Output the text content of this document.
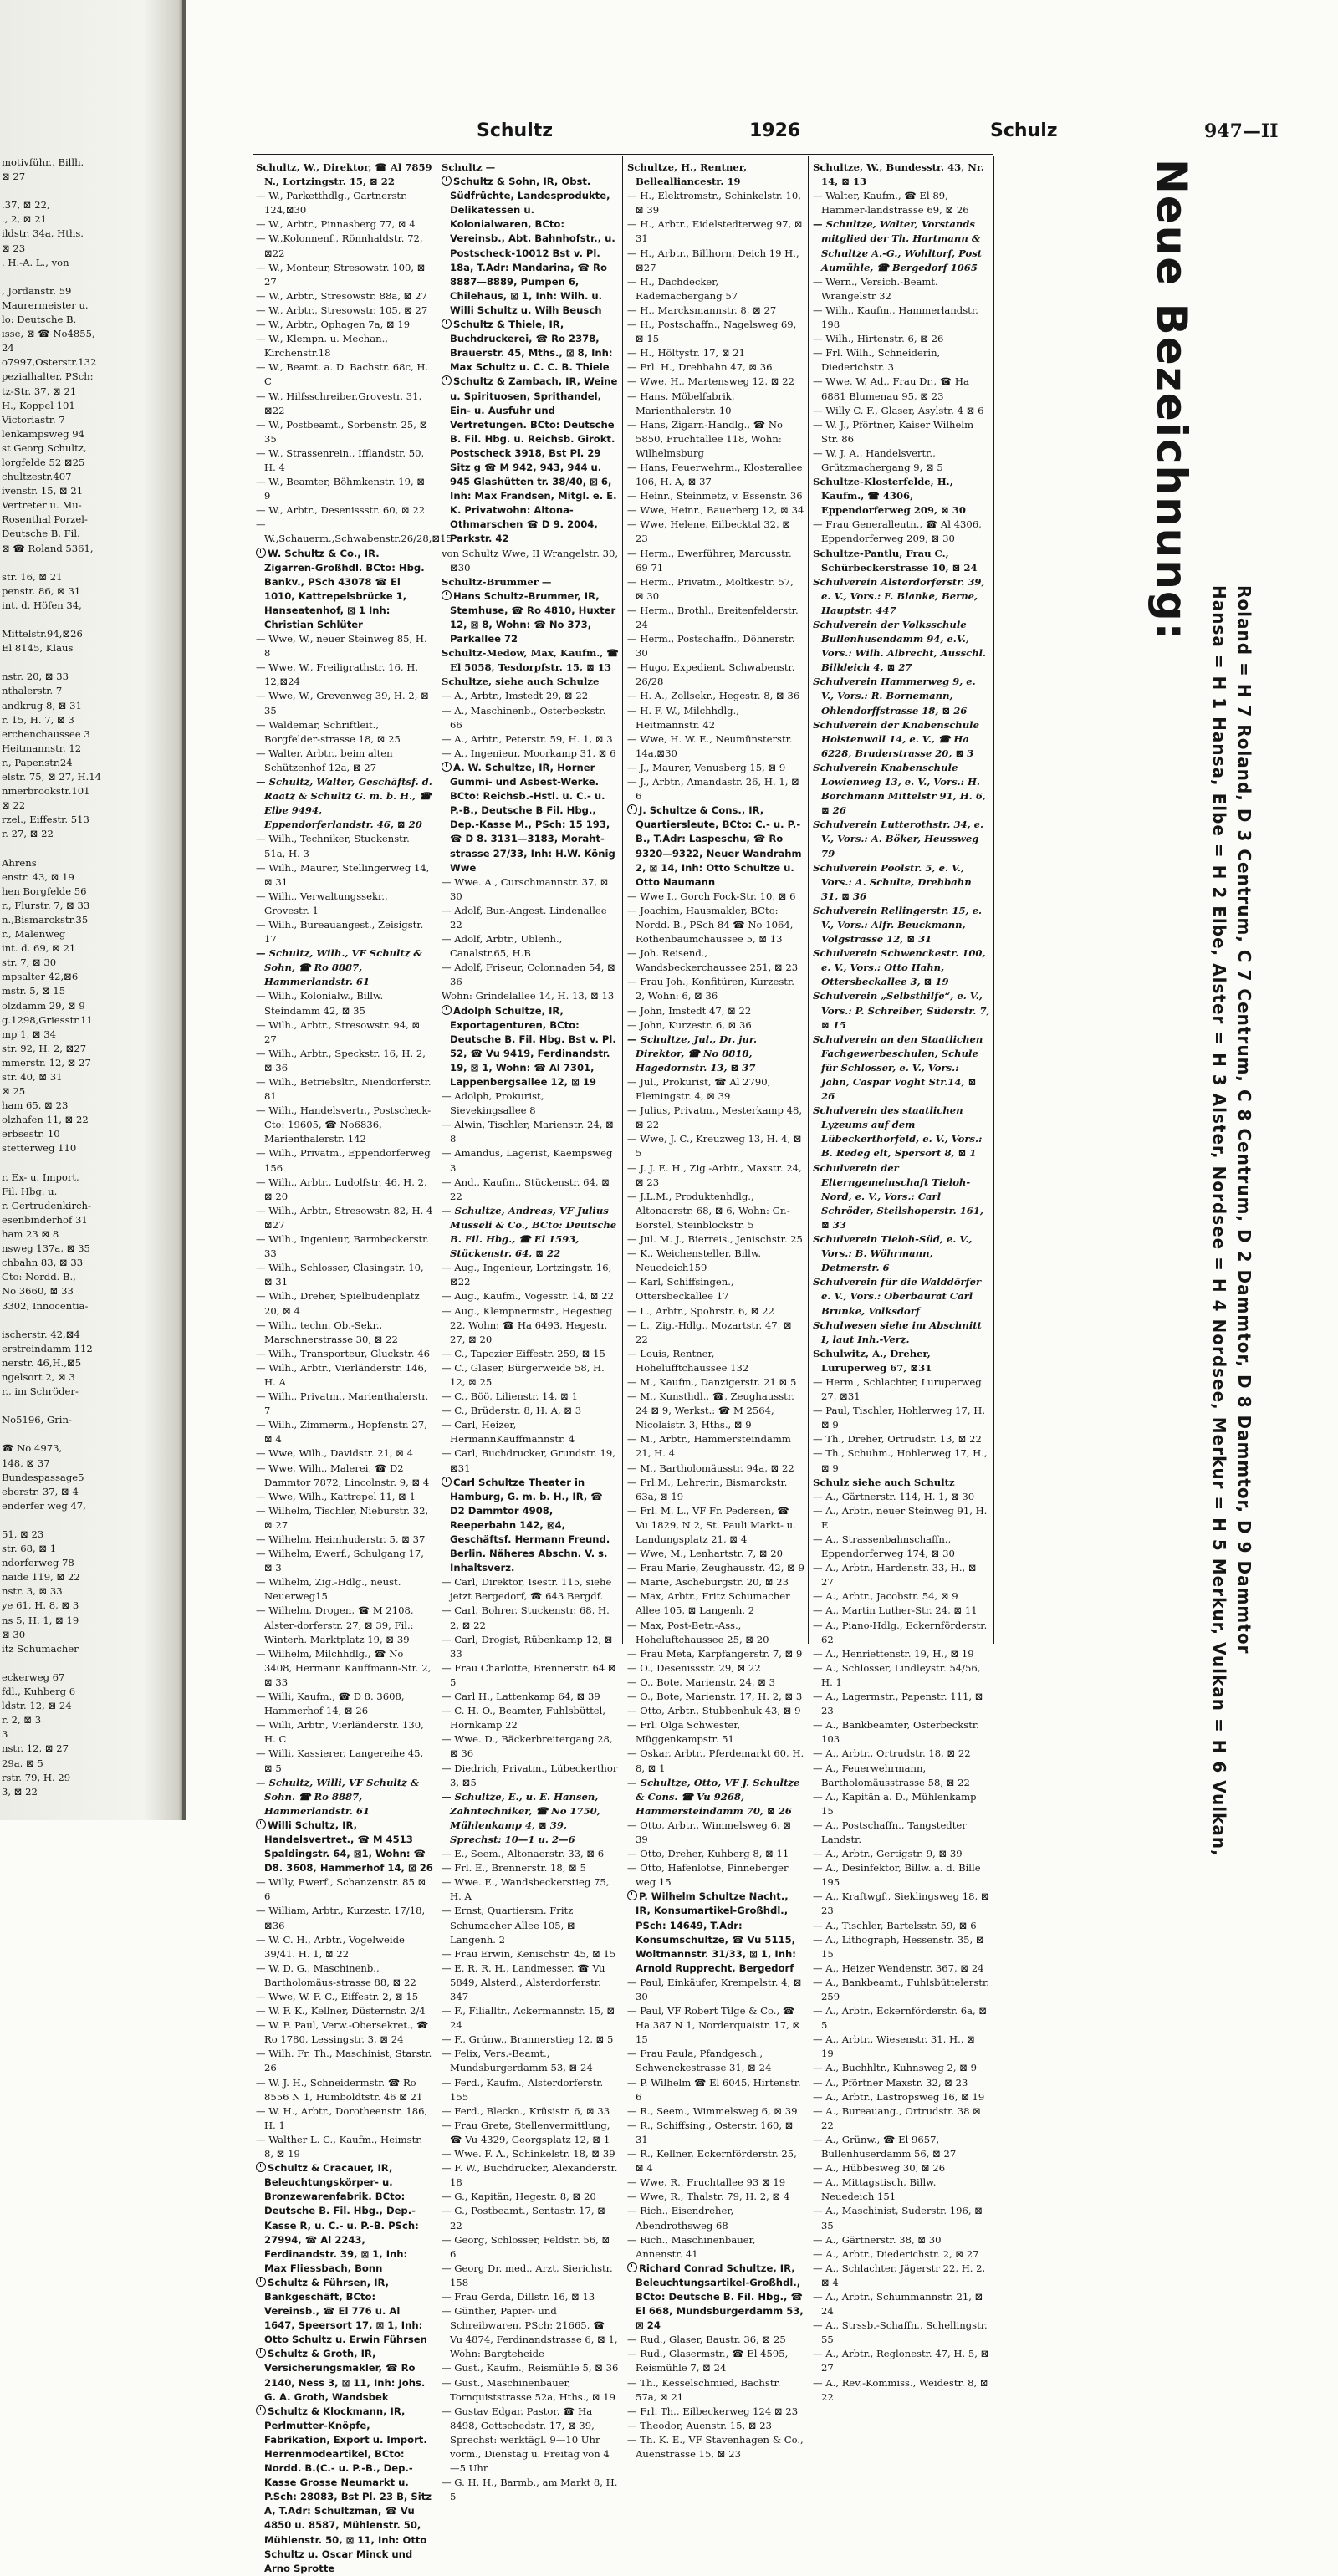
motivführ., Billh.
⊠ 27

.37, ⊠ 22,
., 2, ⊠ 21
ildstr. 34a, Hths.
⊠ 23
. H.-A. L., von

, Jordanstr. 59
Maurermeister u.
lo: Deutsche B.
ısse, ⊠ ☎ No4855,
24
o7997,Osterstr.132
pezialhalter, PSch:
tz-Str. 37, ⊠ 21
H., Koppel 101
Victoriastr. 7
lenkampsweg 94
st Georg Schultz,
lorgfelde 52 ⊠25
chultzestr.407
ivenstr. 15, ⊠ 21
Vertreter u. Mu-
Rosenthal Porzel-
Deutsche B. Fil.
⊠ ☎ Roland 5361,

str. 16, ⊠ 21
penstr. 86, ⊠ 31
int. d. Höfen 34,

Mittelstr.94,⊠26
El 8145, Klaus

nstr. 20, ⊠ 33
nthalerstr. 7
andkrug 8, ⊠ 31
r. 15, H. 7, ⊠ 3
erchenchaussee 3
Heitmannstr. 12
r., Papenstr.24
elstr. 75, ⊠ 27, H.14
nmerbrookstr.101
⊠ 22
rzel., Eiffestr. 513
r. 27, ⊠ 22

Ahrens
enstr. 43, ⊠ 19
hen Borgfelde 56
r., Flurstr. 7, ⊠ 33
n.,Bismarckstr.35
r., Malenweg
int. d. 69, ⊠ 21
str. 7, ⊠ 30
mpsalter 42,⊠6
mstr. 5, ⊠ 15
olzdamm 29, ⊠ 9
g.1298,Griesstr.11
mp 1, ⊠ 34
str. 92, H. 2, ⊠27
mmerstr. 12, ⊠ 27
str. 40, ⊠ 31
⊠ 25
ham 65, ⊠ 23
olzhafen 11, ⊠ 22
erbsestr. 10
stetterweg 110

r. Ex- u. Import,
Fil. Hbg. u.
r. Gertrudenkirch-
esenbinderhof 31
ham 23 ⊠ 8
nsweg 137a, ⊠ 35
chbahn 83, ⊠ 33
Cto: Nordd. B.,
No 3660, ⊠ 33
3302, Innocentia-

ischerstr. 42,⊠4
erstreindamm 112
nerstr. 46,H.,⊠5
ngelsort 2, ⊠ 3
r., im Schröder-

No5196, Grin-

☎ No 4973,
148, ⊠ 37
Bundespassage5
eberstr. 37, ⊠ 4
enderfer weg 47,

51, ⊠ 23
str. 68, ⊠ 1
ndorferweg 78
naide 119, ⊠ 22
nstr. 3, ⊠ 33
ye 61, H. 8, ⊠ 3
ns 5, H. 1, ⊠ 19
⊠ 30
itz Schumacher

eckerweg 67
fdl., Kuhberg 6
ldstr. 12, ⊠ 24
r. 2, ⊠ 3
3
nstr. 12, ⊠ 27
29a, ⊠ 5
rstr. 79, H. 29
3, ⊠ 22
Schultz	1926	Schulz	947—II
Schultz, W., Direktor, ☎ Al 7859 N., Lortzingstr. 15, ⊠ 22
— W., Parketthdlg., Gartnerstr. 124,⊠30
— W., Arbtr., Pinnasberg 77, ⊠ 4
— W.,Kolonnenf., Rönnhaldstr. 72, ⊠22
— W., Monteur, Stresowstr. 100, ⊠ 27
— W., Arbtr., Stresowstr. 88a, ⊠ 27
— W., Arbtr., Stresowstr. 105, ⊠ 27
— W., Arbtr., Ophagen 7a, ⊠ 19
— W., Klempn. u. Mechan., Kirchenstr.18
— W., Beamt. a. D. Bachstr. 68c, H. C
— W., Hilfsschreiber,Grovestr. 31, ⊠22
— W., Postbeamt., Sorbenstr. 25, ⊠ 35
— W., Strassenrein., Ifflandstr. 50, H. 4
— W., Beamter, Böhmkenstr. 19, ⊠ 9
— W., Arbtr., Desenissstr. 60, ⊠ 22
— W.,Schauerm.,Schwabenstr.26/28,⊠15
W. Schultz & Co., IR. Zigarren-Großhdl. BCto: Hbg. Bankv., PSch 43078 ☎ El 1010, Kattrepelsbrücke 1, Hanseatenhof, ⊠ 1 Inh: Christian Schlüter
— Wwe, W., neuer Steinweg 85, H. 8
— Wwe, W., Freiligrathstr. 16, H. 12,⊠24
— Wwe, W., Grevenweg 39, H. 2, ⊠ 35
— Waldemar, Schriftleit., Borgfelder-strasse 18, ⊠ 25
— Walter, Arbtr., beim alten Schützenhof 12a, ⊠ 27
— Schultz, Walter, Geschäftsf. d. Raatz & Schultz G. m. b. H., ☎ Elbe 9494, Eppendorferlandstr. 46, ⊠ 20
— Wilh., Techniker, Stuckenstr. 51a, H. 3
— Wilh., Maurer, Stellingerweg 14, ⊠ 31
— Wilh., Verwaltungssekr., Grovestr. 1
— Wilh., Bureauangest., Zeisigstr. 17
— Schultz, Wilh., VF Schultz & Sohn, ☎ Ro 8887, Hammerlandstr. 61
— Wilh., Kolonialw., Billw. Steindamm 42, ⊠ 35
— Wilh., Arbtr., Stresowstr. 94, ⊠ 27
— Wilh., Arbtr., Speckstr. 16, H. 2, ⊠ 36
— Wilh., Betriebsltr., Niendorferstr. 81
— Wilh., Handelsvertr., Postscheck-Cto: 19605, ☎ No6836, Marienthalerstr. 142
— Wilh., Privatm., Eppendorferweg 156
— Wilh., Arbtr., Ludolfstr. 46, H. 2, ⊠ 20
— Wilh., Arbtr., Stresowstr. 82, H. 4 ⊠27
— Wilh., Ingenieur, Barmbeckerstr. 33
— Wilh., Schlosser, Clasingstr. 10, ⊠ 31
— Wilh., Dreher, Spielbudenplatz 20, ⊠ 4
— Wilh., techn. Ob.-Sekr., Marschnerstrasse 30, ⊠ 22
— Wilh., Transporteur, Gluckstr. 46
— Wilh., Arbtr., Vierländerstr. 146, H. A
— Wilh., Privatm., Marienthalerstr. 7
— Wilh., Zimmerm., Hopfenstr. 27, ⊠ 4
— Wwe, Wilh., Davidstr. 21, ⊠ 4
— Wwe, Wilh., Malerei, ☎ D2 Dammtor 7872, Lincolnstr. 9, ⊠ 4
— Wwe, Wilh., Kattrepel 11, ⊠ 1
— Wilhelm, Tischler, Nieburstr. 32, ⊠ 27
— Wilhelm, Heimhuderstr. 5, ⊠ 37
— Wilhelm, Ewerf., Schulgang 17, ⊠ 3
— Wilhelm, Zig.-Hdlg., neust. Neuerweg15
— Wilhelm, Drogen, ☎ M 2108, Alster-dorferstr. 27, ⊠ 39, Fil.: Winterh. Marktplatz 19, ⊠ 39
— Wilhelm, Milchhdlg., ☎ No 3408, Hermann Kauffmann-Str. 2, ⊠ 33
— Willi, Kaufm., ☎ D 8. 3608, Hammerhof 14, ⊠ 26
— Willi, Arbtr., Vierländerstr. 130, H. C
— Willi, Kassierer, Langereihe 45, ⊠ 5
— Schultz, Willi, VF Schultz & Sohn. ☎ Ro 8887, Hammerlandstr. 61
Willi Schultz, IR, Handelsvertret., ☎ M 4513 Spaldingstr. 64, ⊠1, Wohn: ☎ D8. 3608, Hammerhof 14, ⊠ 26
— Willy, Ewerf., Schanzenstr. 85 ⊠ 6
— William, Arbtr., Kurzestr. 17/18, ⊠36
— W. C. H., Arbtr., Vogelweide 39/41. H. 1, ⊠ 22
— W. D. G., Maschinenb., Bartholomäus-strasse 88, ⊠ 22
— Wwe, W. F. C., Eiffestr. 2, ⊠ 15
— W. F. K., Kellner, Düsternstr. 2/4
— W. F. Paul, Verw.-Obersekret., ☎ Ro 1780, Lessingstr. 3, ⊠ 24
— Wilh. Fr. Th., Maschinist, Starstr. 26
— W. J. H., Schneidermstr. ☎ Ro 8556 N 1, Humboldtstr. 46 ⊠ 21
— W. H., Arbtr., Dorotheenstr. 186, H. 1
— Walther L. C., Kaufm., Heimstr. 8, ⊠ 19
Schultz & Cracauer, IR, Beleuchtungskörper- u. Bronzewarenfabrik. BCto: Deutsche B. Fil. Hbg., Dep.-Kasse R, u. C.- u. P.-B. PSch: 27994, ☎ Al 2243, Ferdinandstr. 39, ⊠ 1, Inh: Max Fliessbach, Bonn
Schultz & Führsen, IR, Bankgeschäft, BCto: Vereinsb., ☎ El 776 u. Al 1647, Speersort 17, ⊠ 1, Inh: Otto Schultz u. Erwin Führsen
Schultz & Groth, IR, Versicherungsmakler, ☎ Ro 2140, Ness 3, ⊠ 11, Inh: Johs. G. A. Groth, Wandsbek
Schultz & Klockmann, IR, Perlmutter-Knöpfe, Fabrikation, Export u. Import. Herrenmodeartikel, BCto: Nordd. B.(C.- u. P.-B., Dep.-Kasse Grosse Neumarkt u. P.Sch: 28083, Bst Pl. 23 B, Sitz A, T.Adr: Schultzman, ☎ Vu 4850 u. 8587, Mühlenstr. 50, Mühlenstr. 50, ⊠ 11, Inh: Otto Schultz u. Oscar Minck und Arno Sprotte
Schultz —
Schultz & Sohn, IR, Obst. Südfrüchte, Landesprodukte, Delikatessen u. Kolonialwaren, BCto: Vereinsb., Abt. Bahnhofstr., u. Postscheck-10012 Bst v. Pl. 18a, T.Adr: Mandarina, ☎ Ro 8887—8889, Pumpen 6, Chilehaus, ⊠ 1, Inh: Wilh. u. Willi Schultz u. Wilh Beusch
Schultz & Thiele, IR, Buchdruckerei, ☎ Ro 2378, Brauerstr. 45, Mths., ⊠ 8, Inh: Max Schultz u. C. C. B. Thiele
Schultz & Zambach, IR, Weine u. Spirituosen, Sprithandel, Ein- u. Ausfuhr und Vertretungen. BCto: Deutsche B. Fil. Hbg. u. Reichsb. Girokt. Postscheck 3918, Bst Pl. 29 Sitz g ☎ M 942, 943, 944 u. 945 Glashütten tr. 38/40, ⊠ 6, Inh: Max Frandsen, Mitgl. e. E. K. Privatwohn: Altona-Othmarschen ☎ D 9. 2004, Parkstr. 42
von Schultz Wwe, II Wrangelstr. 30, ⊠30
Schultz-Brummer —
Hans Schultz-Brummer, IR, Stemhuse, ☎ Ro 4810, Huxter 12, ⊠ 8, Wohn: ☎ No 373, Parkallee 72
Schultz-Medow, Max, Kaufm., ☎ El 5058, Tesdorpfstr. 15, ⊠ 13
Schultze, siehe auch Schulze
— A., Arbtr., Imstedt 29, ⊠ 22
— A., Maschinenb., Osterbeckstr. 66
— A., Arbtr., Peterstr. 59, H. 1, ⊠ 3
— A., Ingenieur, Moorkamp 31, ⊠ 6
A. W. Schultze, IR, Horner Gummi- und Asbest-Werke. BCto: Reichsb.-Hstl. u. C.- u. P.-B., Deutsche B Fil. Hbg., Dep.-Kasse M., PSch: 15 193, ☎ D 8. 3131—3183, Moraht-strasse 27/33, Inh: H.W. König Wwe
— Wwe. A., Curschmannstr. 37, ⊠ 30
— Adolf, Bur.-Angest. Lindenallee 22
— Adolf, Arbtr., Ublenh., Canalstr.65, H.B
— Adolf, Friseur, Colonnaden 54, ⊠ 36
Wohn: Grindelallee 14, H. 13, ⊠ 13
Adolph Schultze, IR, Exportagenturen, BCto: Deutsche B. Fil. Hbg. Bst v. Pl. 52, ☎ Vu 9419, Ferdinandstr. 19, ⊠ 1, Wohn: ☎ Al 7301, Lappenbergsallee 12, ⊠ 19
— Adolph, Prokurist, Sievekingsallee 8
— Alwin, Tischler, Marienstr. 24, ⊠ 8
— Amandus, Lagerist, Kaempsweg 3
— And., Kaufm., Stückenstr. 64, ⊠ 22
— Schultze, Andreas, VF Julius Musseli & Co., BCto: Deutsche B. Fil. Hbg., ☎ El 1593, Stückenstr. 64, ⊠ 22
— Aug., Ingenieur, Lortzingstr. 16, ⊠22
— Aug., Kaufm., Vogesstr. 14, ⊠ 22
— Aug., Klempnermstr., Hegestieg 22, Wohn: ☎ Ha 6493, Hegestr. 27, ⊠ 20
— C., Tapezier Eiffestr. 259, ⊠ 15
— C., Glaser, Bürgerweide 58, H. 12, ⊠ 25
— C., Böö, Lilienstr. 14, ⊠ 1
— C., Brüderstr. 8, H. A, ⊠ 3
— Carl, Heizer, HermannKauffmannstr. 4
— Carl, Buchdrucker, Grundstr. 19, ⊠31
Carl Schultze Theater in Hamburg, G. m. b. H., IR, ☎ D2 Dammtor 4908, Reeperbahn 142, ⊠4, Geschäftsf. Hermann Freund. Berlin. Näheres Abschn. V. s. Inhaltsverz.
— Carl, Direktor, Isestr. 115, siehe jetzt Bergedorf, ☎ 643 Bergdf.
— Carl, Bohrer, Stuckenstr. 68, H. 2, ⊠ 22
— Carl, Drogist, Rübenkamp 12, ⊠ 33
— Frau Charlotte, Brennerstr. 64 ⊠ 5
— Carl H., Lattenkamp 64, ⊠ 39
— C. H. O., Beamter, Fuhlsbüttel, Hornkamp 22
— Wwe. D., Bäckerbreitergang 28, ⊠ 36
— Diedrich, Privatm., Lübeckerthor 3, ⊠5
— Schultze, E., u. E. Hansen, Zahntechniker, ☎ No 1750, Mühlenkamp 4, ⊠ 39, Sprechst: 10—1 u. 2—6
— E., Seem., Altonaerstr. 33, ⊠ 6
— Frl. E., Brennerstr. 18, ⊠ 5
— Wwe. E., Wandsbeckerstieg 75, H. A
— Ernst, Quartiersm. Fritz Schumacher Allee 105, ⊠ Langenh. 2
— Frau Erwin, Kenischstr. 45, ⊠ 15
— E. R. R. H., Landmesser, ☎ Vu 5849, Alsterd., Alsterdorferstr. 347
— F., Filialltr., Ackermannstr. 15, ⊠ 24
— F., Grünw., Brannerstieg 12, ⊠ 5
— Felix, Vers.-Beamt., Mundsburgerdamm 53, ⊠ 24
— Ferd., Kaufm., Alsterdorferstr. 155
— Ferd., Bleckn., Krüsistr. 6, ⊠ 33
— Frau Grete, Stellenvermittlung, ☎ Vu 4329, Georgsplatz 12, ⊠ 1
— Wwe. F. A., Schinkelstr. 18, ⊠ 39
— F. W., Buchdrucker, Alexanderstr. 18
— G., Kapitän, Hegestr. 8, ⊠ 20
— G., Postbeamt., Sentastr. 17, ⊠ 22
— Georg, Schlosser, Feldstr. 56, ⊠ 6
— Georg Dr. med., Arzt, Sierichstr. 158
— Frau Gerda, Dillstr. 16, ⊠ 13
— Günther, Papier- und Schreibwaren, PSch: 21665, ☎ Vu 4874, Ferdinandstrasse 6, ⊠ 1, Wohn: Bargteheide
— Gust., Kaufm., Reismühle 5, ⊠ 36
— Gust., Maschinenbauer, Tornquiststrasse 52a, Hths., ⊠ 19
— Gustav Edgar, Pastor, ☎ Ha 8498, Gottschedstr. 17, ⊠ 39, Sprechst: werktägl. 9—10 Uhr vorm., Dienstag u. Freitag von 4—5 Uhr
— G. H. H., Barmb., am Markt 8, H. 5
Schultze, H., Rentner, Bellealliancestr. 19
— H., Elektromstr., Schinkelstr. 10, ⊠ 39
— H., Arbtr., Eidelstedterweg 97, ⊠ 31
— H., Arbtr., Billhorn. Deich 19 H., ⊠27
— H., Dachdecker, Rademachergang 57
— H., Marcksmannstr. 8, ⊠ 27
— H., Postschaffn., Nagelsweg 69, ⊠ 15
— H., Höltystr. 17, ⊠ 21
— Frl. H., Drehbahn 47, ⊠ 36
— Wwe, H., Martensweg 12, ⊠ 22
— Hans, Möbelfabrik, Marienthalerstr. 10
— Hans, Zigarr.-Handlg., ☎ No 5850, Fruchtallee 118, Wohn: Wilhelmsburg
— Hans, Feuerwehrm., Klosterallee 106, H. A, ⊠ 37
— Heinr., Steinmetz, v. Essenstr. 36
— Wwe, Heinr., Bauerberg 12, ⊠ 34
— Wwe, Helene, Eilbecktal 32, ⊠ 23
— Herm., Ewerführer, Marcusstr. 69 71
— Herm., Privatm., Moltkestr. 57, ⊠ 30
— Herm., Brothl., Breitenfelderstr. 24
— Herm., Postschaffn., Döhnerstr. 30
— Hugo, Expedient, Schwabenstr. 26/28
— H. A., Zollsekr., Hegestr. 8, ⊠ 36
— H. F. W., Milchhdlg., Heitmannstr. 42
— Wwe, H. W. E., Neumünsterstr. 14a,⊠30
— J., Maurer, Venusberg 15, ⊠ 9
— J., Arbtr., Amandastr. 26, H. 1, ⊠ 6
J. Schultze & Cons., IR, Quartiersleute, BCto: C.- u. P.-B., T.Adr: Laspeschu, ☎ Ro 9320—9322, Neuer Wandrahm 2, ⊠ 14, Inh: Otto Schultze u. Otto Naumann
— Wwe I., Gorch Fock-Str. 10, ⊠ 6
— Joachim, Hausmakler, BCto: Nordd. B., PSch 84 ☎ No 1064, Rothenbaumchaussee 5, ⊠ 13
— Joh. Reisend., Wandsbeckerchaussee 251, ⊠ 23
— Frau Joh., Konfitüren, Kurzestr. 2, Wohn: 6, ⊠ 36
— John, Imstedt 47, ⊠ 22
— John, Kurzestr. 6, ⊠ 36
— Schultze, Jul., Dr. jur. Direktor, ☎ No 8818, Hagedornstr. 13, ⊠ 37
— Jul., Prokurist, ☎ Al 2790, Flemingstr. 4, ⊠ 39
— Julius, Privatm., Mesterkamp 48, ⊠ 22
— Wwe, J. C., Kreuzweg 13, H. 4, ⊠ 5
— J. J. E. H., Zig.-Arbtr., Maxstr. 24, ⊠ 23
— J.L.M., Produktenhdlg., Altonaerstr. 68, ⊠ 6, Wohn: Gr.-Borstel, Steinblockstr. 5
— Jul. M. J., Bierreis., Jenischstr. 25
— K., Weichensteller, Billw. Neuedeich159
— Karl, Schiffsingen., Ottersbeckallee 17
— L., Arbtr., Spohrstr. 6, ⊠ 22
— L., Zig.-Hdlg., Mozartstr. 47, ⊠ 22
— Louis, Rentner, Hohelufftchaussee 132
— M., Kaufm., Danzigerstr. 21 ⊠ 5
— M., Kunsthdl., ☎, Zeughausstr. 24 ⊠ 9, Werkst.: ☎ M 2564, Nicolaistr. 3, Hths., ⊠ 9
— M., Arbtr., Hammersteindamm 21, H. 4
— M., Bartholomäusstr. 94a, ⊠ 22
— Frl.M., Lehrerin, Bismarckstr. 63a, ⊠ 19
— Frl. M. L., VF Fr. Pedersen, ☎ Vu 1829, N 2, St. Pauli Markt- u. Landungsplatz 21, ⊠ 4
— Wwe, M., Lenhartstr. 7, ⊠ 20
— Frau Marie, Zeughausstr. 42, ⊠ 9
— Marie, Ascheburgstr. 20, ⊠ 23
— Max, Arbtr., Fritz Schumacher Allee 105, ⊠ Langenh. 2
— Max, Post-Betr.-Ass., Hoheluftchaussee 25, ⊠ 20
— Frau Meta, Karpfangerstr. 7, ⊠ 9
— O., Desenissstr. 29, ⊠ 22
— O., Bote, Marienstr. 24, ⊠ 3
— O., Bote, Marienstr. 17, H. 2, ⊠ 3
— Otto, Arbtr., Stubbenhuk 43, ⊠ 9
— Frl. Olga Schwester, Müggenkampstr. 51
— Oskar, Arbtr., Pferdemarkt 60, H. 8, ⊠ 1
— Schultze, Otto, VF J. Schultze & Cons. ☎ Vu 9268, Hammersteindamm 70, ⊠ 26
— Otto, Arbtr., Wimmelsweg 6, ⊠ 39
— Otto, Dreher, Kuhberg 8, ⊠ 11
— Otto, Hafenlotse, Pinneberger weg 15
P. Wilhelm Schultze Nacht., IR, Konsumartikel-Großhdl., PSch: 14649, T.Adr: Konsumschultze, ☎ Vu 5115, Woltmannstr. 31/33, ⊠ 1, Inh: Arnold Rupprecht, Bergedorf
— Paul, Einkäufer, Krempelstr. 4, ⊠ 30
— Paul, VF Robert Tilge & Co., ☎ Ha 387 N 1, Norderquaistr. 17, ⊠ 15
— Frau Paula, Pfandgesch., Schwenckestrasse 31, ⊠ 24
— P. Wilhelm ☎ El 6045, Hirtenstr. 6
— R., Seem., Wimmelsweg 6, ⊠ 39
— R., Schiffsing., Osterstr. 160, ⊠ 31
— R., Kellner, Eckernförderstr. 25, ⊠ 4
— Wwe, R., Fruchtallee 93 ⊠ 19
— Wwe, R., Thalstr. 79, H. 2, ⊠ 4
— Rich., Eisendreher, Abendrothsweg 68
— Rich., Maschinenbauer, Annenstr. 41
Richard Conrad Schultze, IR, Beleuchtungsartikel-Großhdl., BCto: Deutsche B. Fil. Hbg., ☎ El 668, Mundsburgerdamm 53, ⊠ 24
— Rud., Glaser, Baustr. 36, ⊠ 25
— Rud., Glasermstr., ☎ El 4595, Reismühle 7, ⊠ 24
— Th., Kesselschmied, Bachstr. 57a, ⊠ 21
— Frl. Th., Eilbeckerweg 124 ⊠ 23
— Theodor, Auenstr. 15, ⊠ 23
— Th. K. E., VF Stavenhagen & Co., Auenstrasse 15, ⊠ 23
Schultze, W., Bundesstr. 43, Nr. 14, ⊠ 13
— Walter, Kaufm., ☎ El 89, Hammer-landstrasse 69, ⊠ 26
— Schultze, Walter, Vorstands mitglied der Th. Hartmann & Schultze A.-G., Wohltorf, Post Aumühle, ☎ Bergedorf 1065
— Wern., Versich.-Beamt. Wrangelstr 32
— Wilh., Kaufm., Hammerlandstr. 198
— Wilh., Hirtenstr. 6, ⊠ 26
— Frl. Wilh., Schneiderin, Diederichstr. 3
— Wwe. W. Ad., Frau Dr., ☎ Ha 6881 Blumenau 95, ⊠ 23
— Willy C. F., Glaser, Asylstr. 4 ⊠ 6
— W. J., Pförtner, Kaiser Wilhelm Str. 86
— W. J. A., Handelsvertr., Grützmachergang 9, ⊠ 5
Schultze-Klosterfelde, H., Kaufm., ☎ 4306, Eppendorferweg 209, ⊠ 30
— Frau Generalleutn., ☎ Al 4306, Eppendorferweg 209, ⊠ 30
Schultze-Pantlu, Frau C., Schürbeckerstrasse 10, ⊠ 24
Schulverein Alsterdorferstr. 39, e. V., Vors.: F. Blanke, Berne, Hauptstr. 447
Schulverein der Volksschule Bullenhusendamm 94, e.V., Vors.: Wilh. Albrecht, Ausschl. Billdeich 4, ⊠ 27
Schulverein Hammerweg 9, e. V., Vors.: R. Bornemann, Ohlendorffstrasse 18, ⊠ 26
Schulverein der Knabenschule Holstenwall 14, e. V., ☎ Ha 6228, Bruderstrasse 20, ⊠ 3
Schulverein Knabenschule Lowienweg 13, e. V., Vors.: H. Borchmann Mittelstr 91, H. 6, ⊠ 26
Schulverein Lutterothstr. 34, e. V., Vors.: A. Böker, Heussweg 79
Schulverein Poolstr. 5, e. V., Vors.: A. Schulte, Drehbahn 31, ⊠ 36
Schulverein Rellingerstr. 15, e. V., Vors.: Alfr. Beuckmann, Volgstrasse 12, ⊠ 31
Schulverein Schwenckestr. 100, e. V., Vors.: Otto Hahn, Ottersbeckallee 3, ⊠ 19
Schulverein „Selbsthilfe“, e. V., Vors.: P. Schreiber, Süderstr. 7, ⊠ 15
Schulverein an den Staatlichen Fachgewerbeschulen, Schule für Schlosser, e. V., Vors.: Jahn, Caspar Voght Str.14, ⊠ 26
Schulverein des staatlichen Lyzeums auf dem Lübeckerthorfeld, e. V., Vors.: B. Redeg elt, Spersort 8, ⊠ 1
Schulverein der Elterngemeinschaft Tieloh-Nord, e. V., Vors.: Carl Schröder, Steilshoperstr. 161, ⊠ 33
Schulverein Tieloh-Süd, e. V., Vors.: B. Wöhrmann, Detmerstr. 6
Schulverein für die Walddörfer e. V., Vors.: Oberbaurat Carl Brunke, Volksdorf
Schulwesen siehe im Abschnitt I, laut Inh.-Verz.
Schulwitz, A., Dreher, Luruperweg 67, ⊠31
— Herm., Schlachter, Luruperweg 27, ⊠31
— Paul, Tischler, Hohlerweg 17, H. ⊠ 9
— Th., Dreher, Ortrudstr. 13, ⊠ 22
— Th., Schuhm., Hohlerweg 17, H., ⊠ 9
Schulz siehe auch Schultz
— A., Gärtnerstr. 114, H. 1, ⊠ 30
— A., Arbtr., neuer Steinweg 91, H. E
— A., Strassenbahnschaffn., Eppendorferweg 174, ⊠ 30
— A., Arbtr., Hardenstr. 33, H., ⊠ 27
— A., Arbtr., Jacobstr. 54, ⊠ 9
— A., Martin Luther-Str. 24, ⊠ 11
— A., Piano-Hdlg., Eckernförderstr. 62
— A., Henriettenstr. 19, H., ⊠ 19
— A., Schlosser, Lindleystr. 54/56, H. 1
— A., Lagermstr., Papenstr. 111, ⊠ 23
— A., Bankbeamter, Osterbeckstr. 103
— A., Arbtr., Ortrudstr. 18, ⊠ 22
— A., Feuerwehrmann, Bartholomäusstrasse 58, ⊠ 22
— A., Kapitän a. D., Mühlenkamp 15
— A., Postschaffn., Tangstedter Landstr.
— A., Arbtr., Gertigstr. 9, ⊠ 39
— A., Desinfektor, Billw. a. d. Bille 195
— A., Kraftwgf., Sieklingsweg 18, ⊠ 23
— A., Tischler, Bartelsstr. 59, ⊠ 6
— A., Lithograph, Hessenstr. 35, ⊠ 15
— A., Heizer Wendenstr. 367, ⊠ 24
— A., Bankbeamt., Fuhlsbüttelerstr. 259
— A., Arbtr., Eckernförderstr. 6a, ⊠ 5
— A., Arbtr., Wiesenstr. 31, H., ⊠ 19
— A., Buchhltr., Kuhnsweg 2, ⊠ 9
— A., Pförtner Maxstr. 32, ⊠ 23
— A., Arbtr., Lastropsweg 16, ⊠ 19
— A., Bureauang., Ortrudstr. 38 ⊠ 22
— A., Grünw., ☎ El 9657, Bullenhuserdamm 56, ⊠ 27
— A., Hübbesweg 30, ⊠ 26
— A., Mittagstisch, Billw. Neuedeich 151
— A., Maschinist, Suderstr. 196, ⊠ 35
— A., Gärtnerstr. 38, ⊠ 30
— A., Arbtr., Diederichstr. 2, ⊠ 27
— A., Schlachter, Jägerstr 22, H. 2, ⊠ 4
— A., Arbtr., Schummannstr. 21, ⊠ 24
— A., Strssb.-Schaffn., Schellingstr. 55
— A., Arbtr., Reglonestr. 47, H. 5, ⊠ 27
— A., Rev.-Kommiss., Weidestr. 8, ⊠ 22
Neue Bezeichnung:
Hansa = H 1 Hansa, Elbe = H 2 Elbe, Alster = H 3 Alster, Nordsee = H 4 Nordsee, Merkur = H 5 Merkur, Vulkan = H 6 Vulkan, Roland = H 7 Roland, D 3 Centrum, C 7 Centrum, C 8 Centrum, D 2 Dammtor, D 8 Dammtor, D 9 Dammtor
